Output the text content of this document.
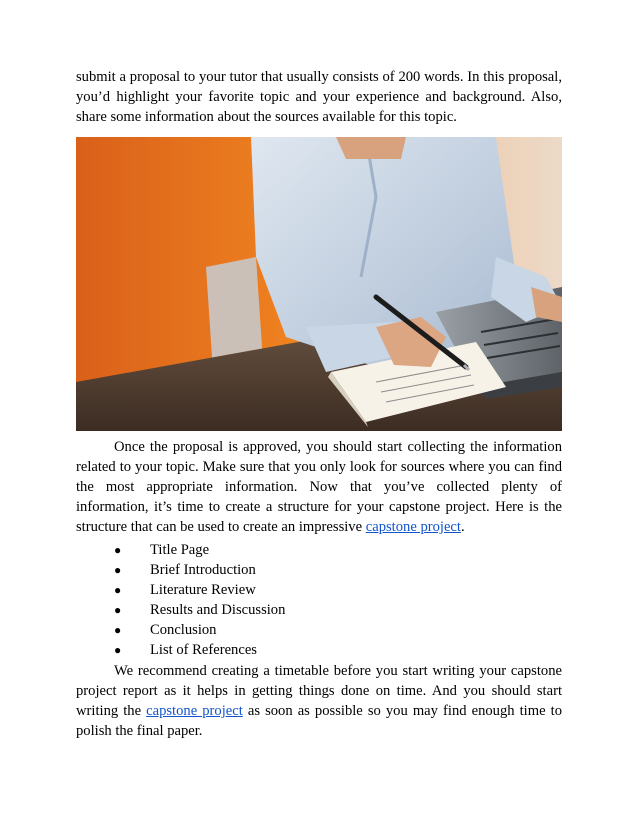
submit a proposal to your tutor that usually consists of 200 words. In this proposal, you’d highlight your favorite topic and your experience and background. Also, share some information about the sources available for this topic.

Once the proposal is approved, you should start collecting the information related to your topic. Make sure that you only look for sources where you can find the most appropriate information. Now that you’ve collected plenty of information, it’s time to create a structure for your capstone project. Here is the structure that can be used to create an impressive capstone project.

● Title Page
● Brief Introduction
● Literature Review
● Results and Discussion
● Conclusion
● List of References

We recommend creating a timetable before you start writing your capstone project report as it helps in getting things done on time. And you should start writing the capstone project as soon as possible so you may find enough time to polish the final paper.
